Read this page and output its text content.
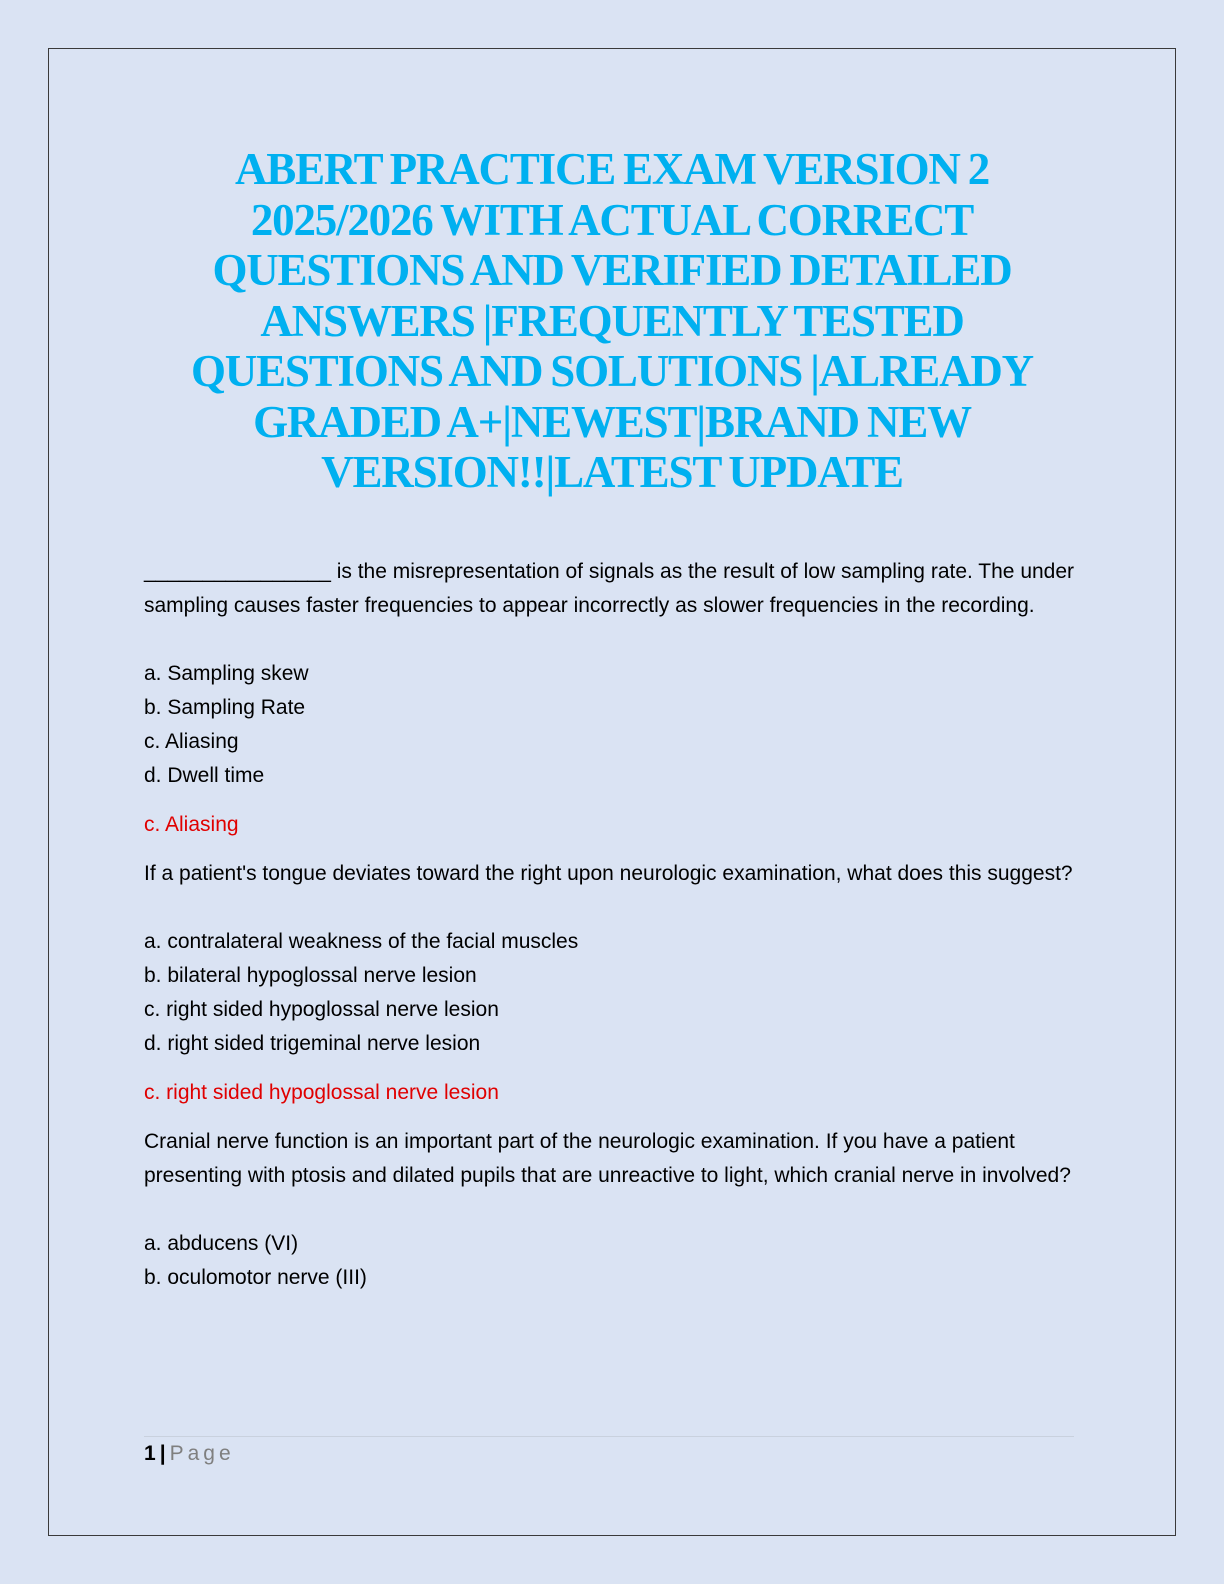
ABERT PRACTICE EXAM VERSION 2 2025/2026 WITH ACTUAL CORRECT QUESTIONS AND VERIFIED DETAILED ANSWERS |FREQUENTLY TESTED QUESTIONS AND SOLUTIONS |ALREADY GRADED A+|NEWEST|BRAND NEW VERSION!!|LATEST UPDATE

________________ is the misrepresentation of signals as the result of low sampling rate. The under sampling causes faster frequencies to appear incorrectly as slower frequencies in the recording.

a. Sampling skew

b. Sampling Rate

c. Aliasing

d. Dwell time

c. Aliasing

If a patient's tongue deviates toward the right upon neurologic examination, what does this suggest?

a. contralateral weakness of the facial muscles

b. bilateral hypoglossal nerve lesion

c. right sided hypoglossal nerve lesion

d. right sided trigeminal nerve lesion

c. right sided hypoglossal nerve lesion

Cranial nerve function is an important part of the neurologic examination. If you have a patient presenting with ptosis and dilated pupils that are unreactive to light, which cranial nerve in involved?

a. abducens (VI)

b. oculomotor nerve (III)

1 | Page
